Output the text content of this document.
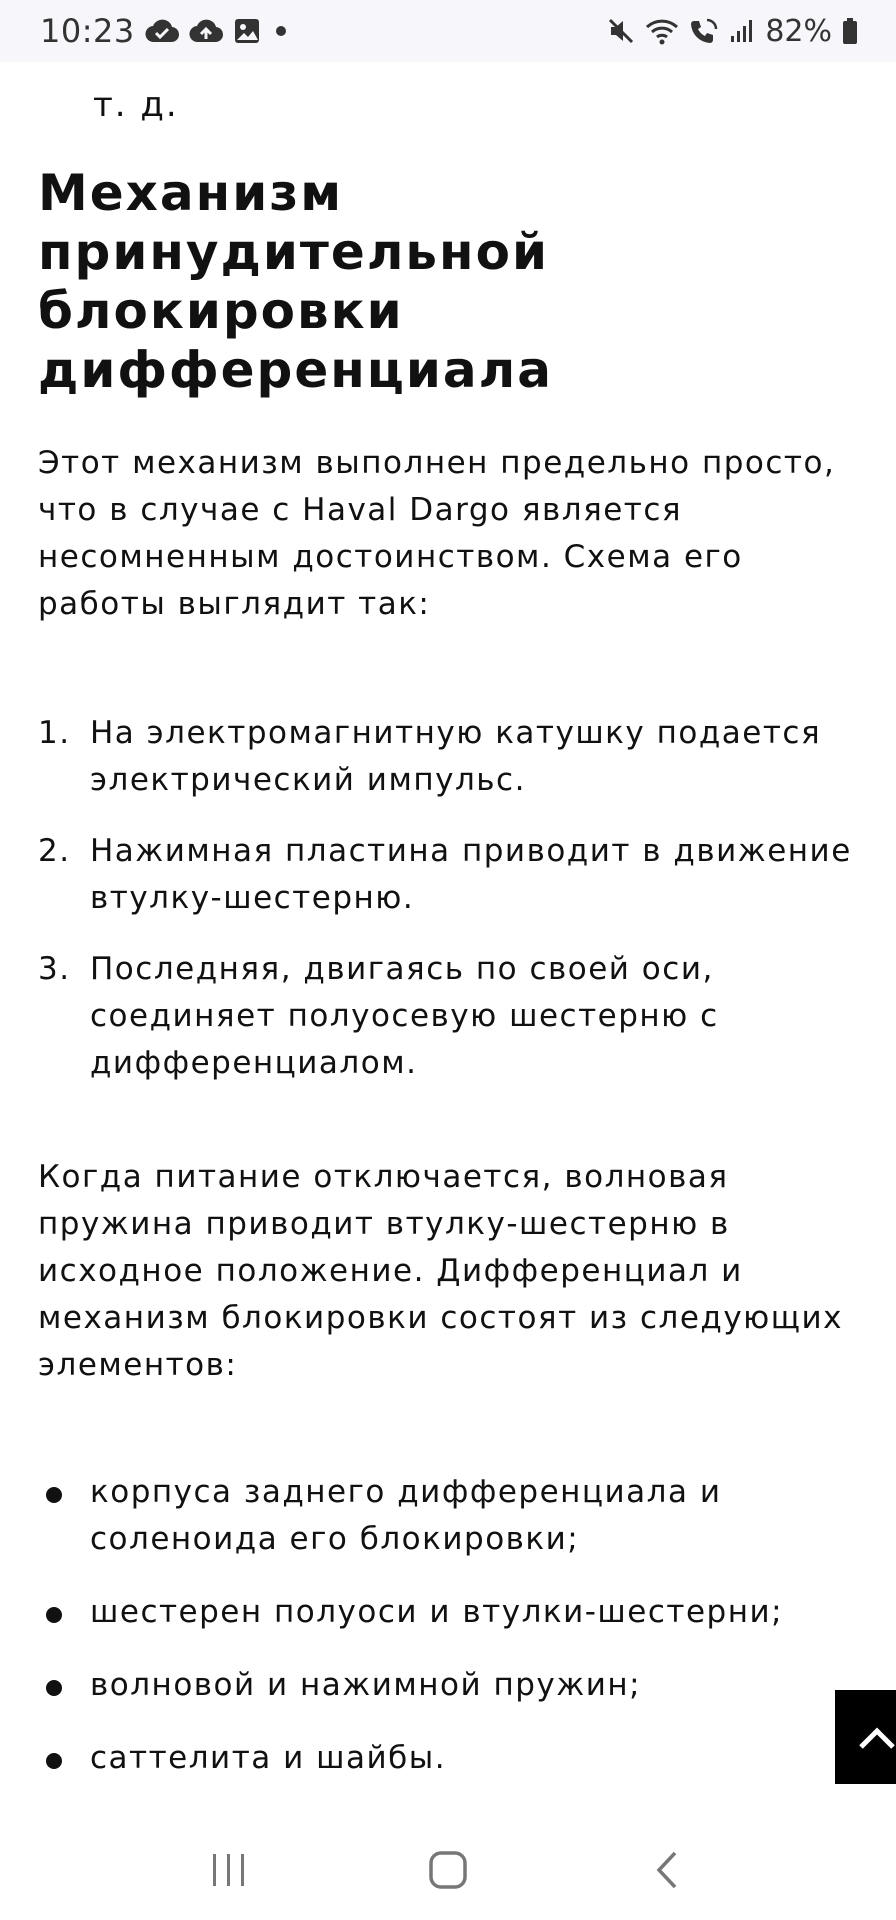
10:23	82%

т. д.

Механизм принудительной блокировки дифференциала

Этот механизм выполнен предельно просто, что в случае с Haval Dargo является несомненным достоинством. Схема его работы выглядит так:

1. На электромагнитную катушку подается электрический импульс.
2. Нажимная пластина приводит в движение втулку-шестерню.
3. Последняя, двигаясь по своей оси, соединяет полуосевую шестерню с дифференциалом.

Когда питание отключается, волновая пружина приводит втулку-шестерню в исходное положение. Дифференциал и механизм блокировки состоят из следующих элементов:

корпуса заднего дифференциала и соленоида его блокировки;
шестерен полуоси и втулки-шестерни;
волновой и нажимной пружин;
саттелита и шайбы.
